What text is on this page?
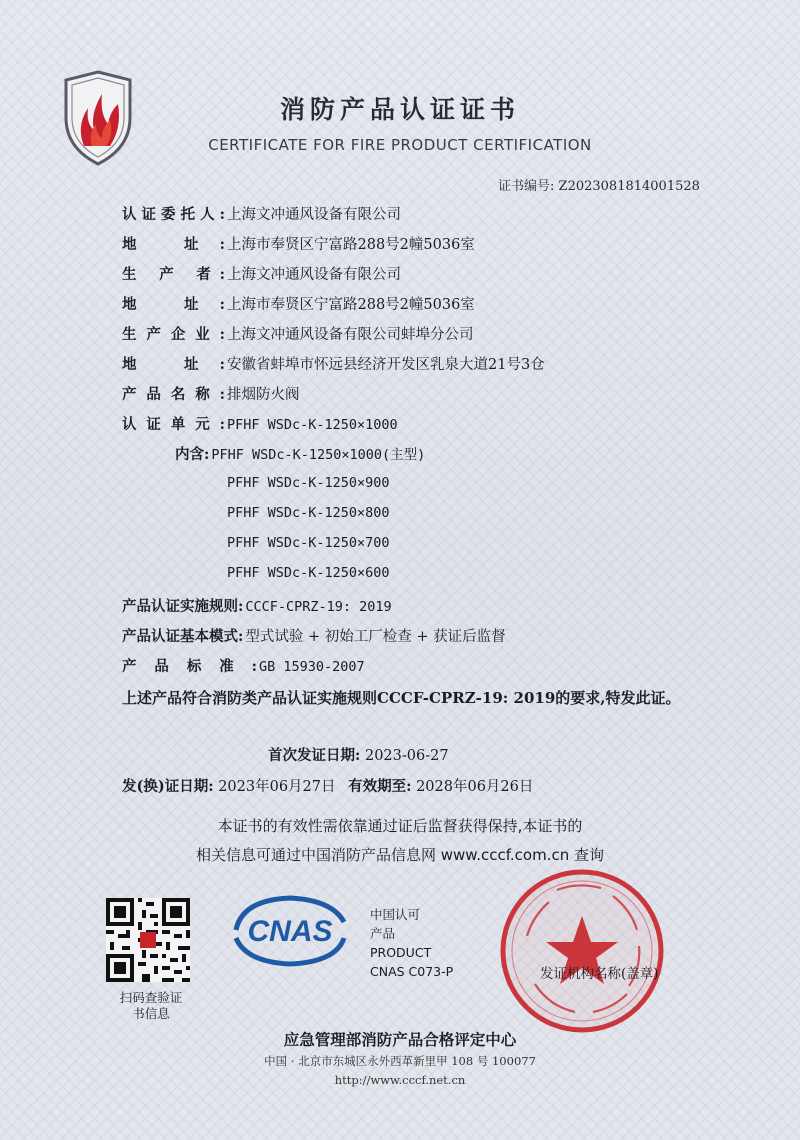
消防产品认证证书
CERTIFICATE FOR FIRE PRODUCT CERTIFICATION
证书编号: Z2023081814001528
认证委托人: 上海文冲通风设备有限公司
地 址: 上海市奉贤区宁富路288号2幢5036室
生 产 者: 上海文冲通风设备有限公司
地 址: 上海市奉贤区宁富路288号2幢5036室
生产企业: 上海文冲通风设备有限公司蚌埠分公司
地 址: 安徽省蚌埠市怀远县经济开发区乳泉大道21号3仓
产品名称: 排烟防火阀
认证单元: PFHF WSDc-K-1250×1000
内含: PFHF WSDc-K-1250×1000(主型)
PFHF WSDc-K-1250×900
PFHF WSDc-K-1250×800
PFHF WSDc-K-1250×700
PFHF WSDc-K-1250×600
产品认证实施规则: CCCF-CPRZ-19: 2019
产品认证基本模式: 型式试验 + 初始工厂检查 + 获证后监督
产 品 标 准 : GB 15930-2007
上述产品符合消防类产品认证实施规则CCCF-CPRZ-19: 2019的要求,特发此证。
首次发证日期: 2023-06-27
发(换)证日期: 2023年06月27日 有效期至: 2028年06月26日
本证书的有效性需依靠通过证后监督获得保持,本证书的
相关信息可通过中国消防产品信息网 www.cccf.com.cn 查询
扫码查验证书信息
CNAS
中国认可
产品
PRODUCT
CNAS C073-P	发证机构名称(盖章)
应急管理部消防产品合格评定中心
中国 · 北京市东城区永外西革新里甲 108 号 100077
http://www.cccf.net.cn
